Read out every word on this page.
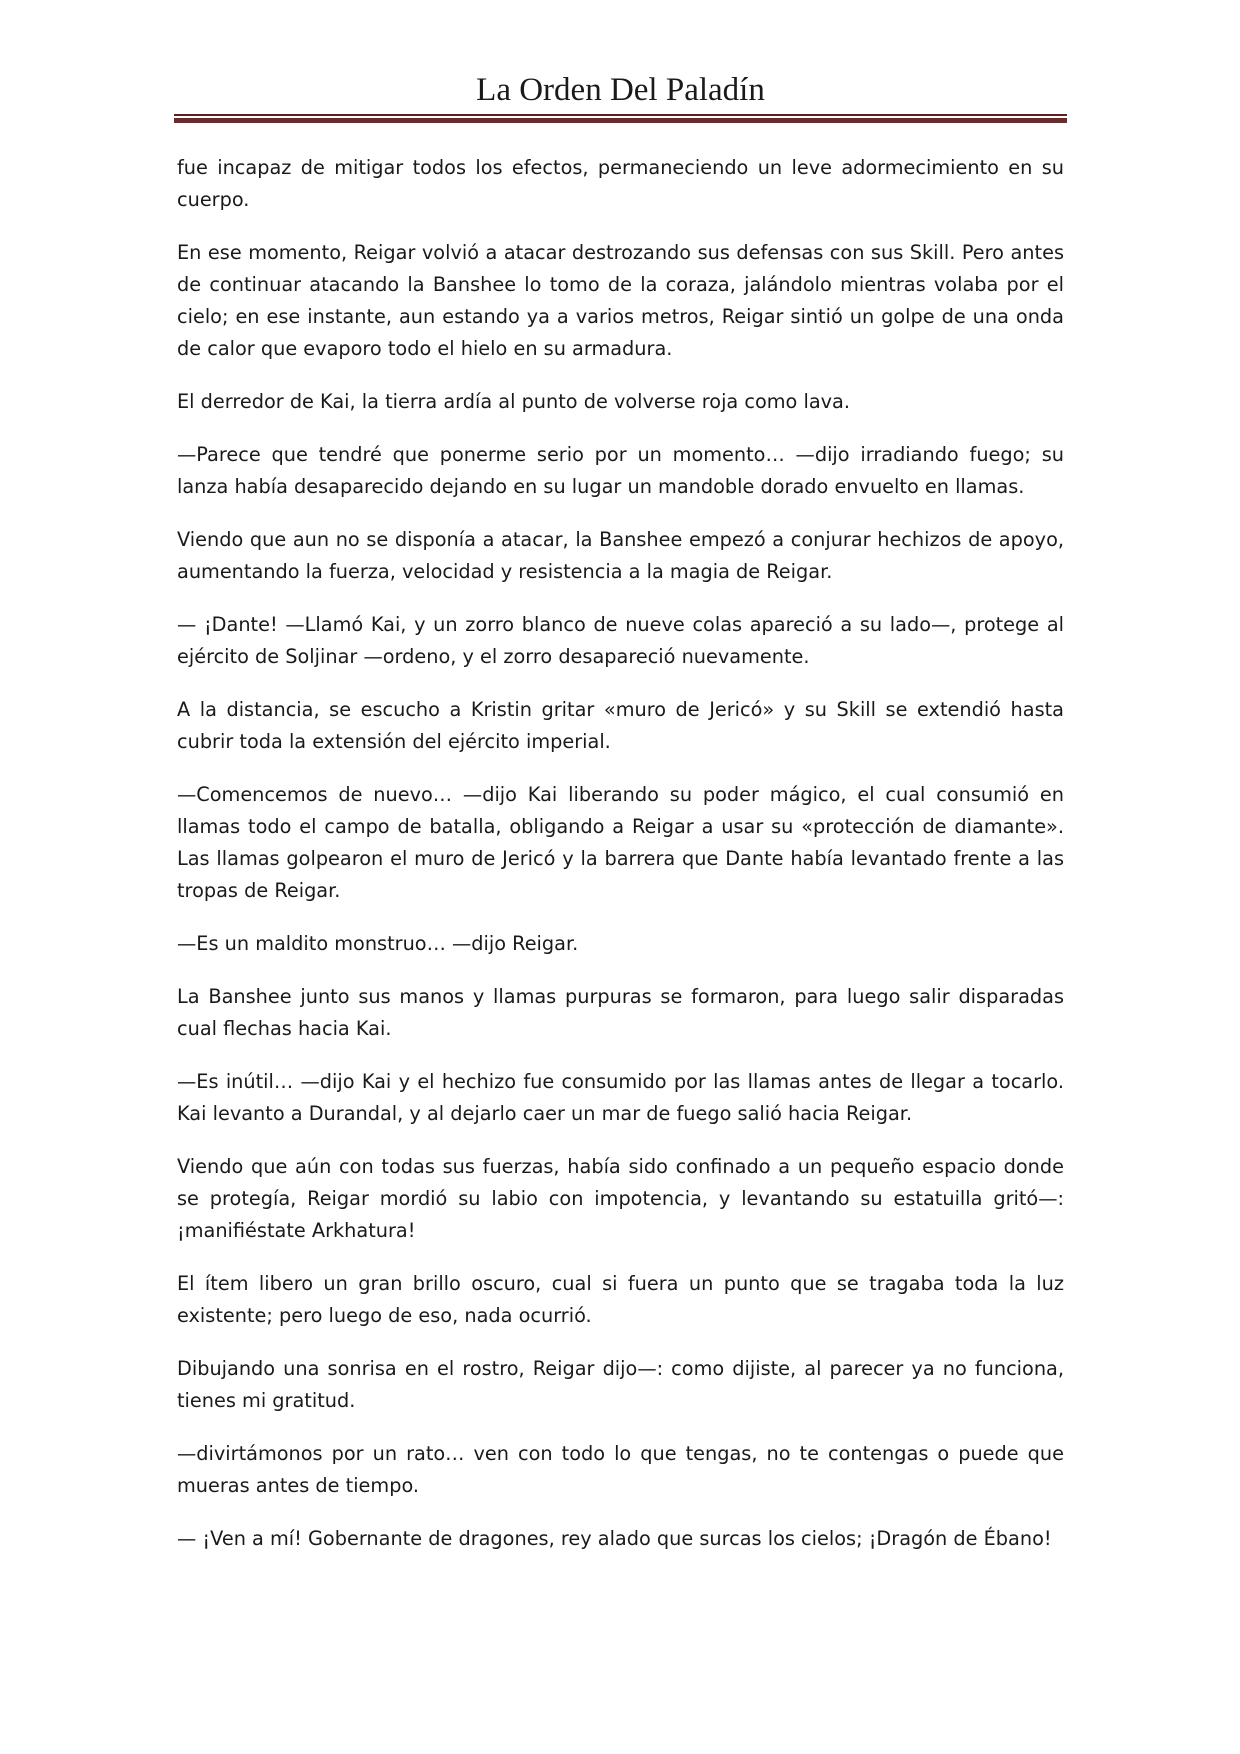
La Orden Del Paladín

fue incapaz de mitigar todos los efectos, permaneciendo un leve adormecimiento en su cuerpo.

En ese momento, Reigar volvió a atacar destrozando sus defensas con sus Skill. Pero antes de continuar atacando la Banshee lo tomo de la coraza, jalándolo mientras volaba por el cielo; en ese instante, aun estando ya a varios metros, Reigar sintió un golpe de una onda de calor que evaporo todo el hielo en su armadura.

El derredor de Kai, la tierra ardía al punto de volverse roja como lava.

—Parece que tendré que ponerme serio por un momento… —dijo irradiando fuego; su lanza había desaparecido dejando en su lugar un mandoble dorado envuelto en llamas.

Viendo que aun no se disponía a atacar, la Banshee empezó a conjurar hechizos de apoyo, aumentando la fuerza, velocidad y resistencia a la magia de Reigar.

— ¡Dante! —Llamó Kai, y un zorro blanco de nueve colas apareció a su lado—, protege al ejército de Soljinar —ordeno, y el zorro desapareció nuevamente.

A la distancia, se escucho a Kristin gritar «muro de Jericó» y su Skill se extendió hasta cubrir toda la extensión del ejército imperial.

—Comencemos de nuevo… —dijo Kai liberando su poder mágico, el cual consumió en llamas todo el campo de batalla, obligando a Reigar a usar su «protección de diamante». Las llamas golpearon el muro de Jericó y la barrera que Dante había levantado frente a las tropas de Reigar.

—Es un maldito monstruo… —dijo Reigar.

La Banshee junto sus manos y llamas purpuras se formaron, para luego salir disparadas cual flechas hacia Kai.

—Es inútil… —dijo Kai y el hechizo fue consumido por las llamas antes de llegar a tocarlo. Kai levanto a Durandal, y al dejarlo caer un mar de fuego salió hacia Reigar.

Viendo que aún con todas sus fuerzas, había sido confinado a un pequeño espacio donde se protegía, Reigar mordió su labio con impotencia, y levantando su estatuilla gritó—: ¡manifiéstate Arkhatura!

El ítem libero un gran brillo oscuro, cual si fuera un punto que se tragaba toda la luz existente; pero luego de eso, nada ocurrió.

Dibujando una sonrisa en el rostro, Reigar dijo—: como dijiste, al parecer ya no funciona, tienes mi gratitud.

—divirtámonos por un rato… ven con todo lo que tengas, no te contengas o puede que mueras antes de tiempo.

— ¡Ven a mí! Gobernante de dragones, rey alado que surcas los cielos; ¡Dragón de Ébano!
